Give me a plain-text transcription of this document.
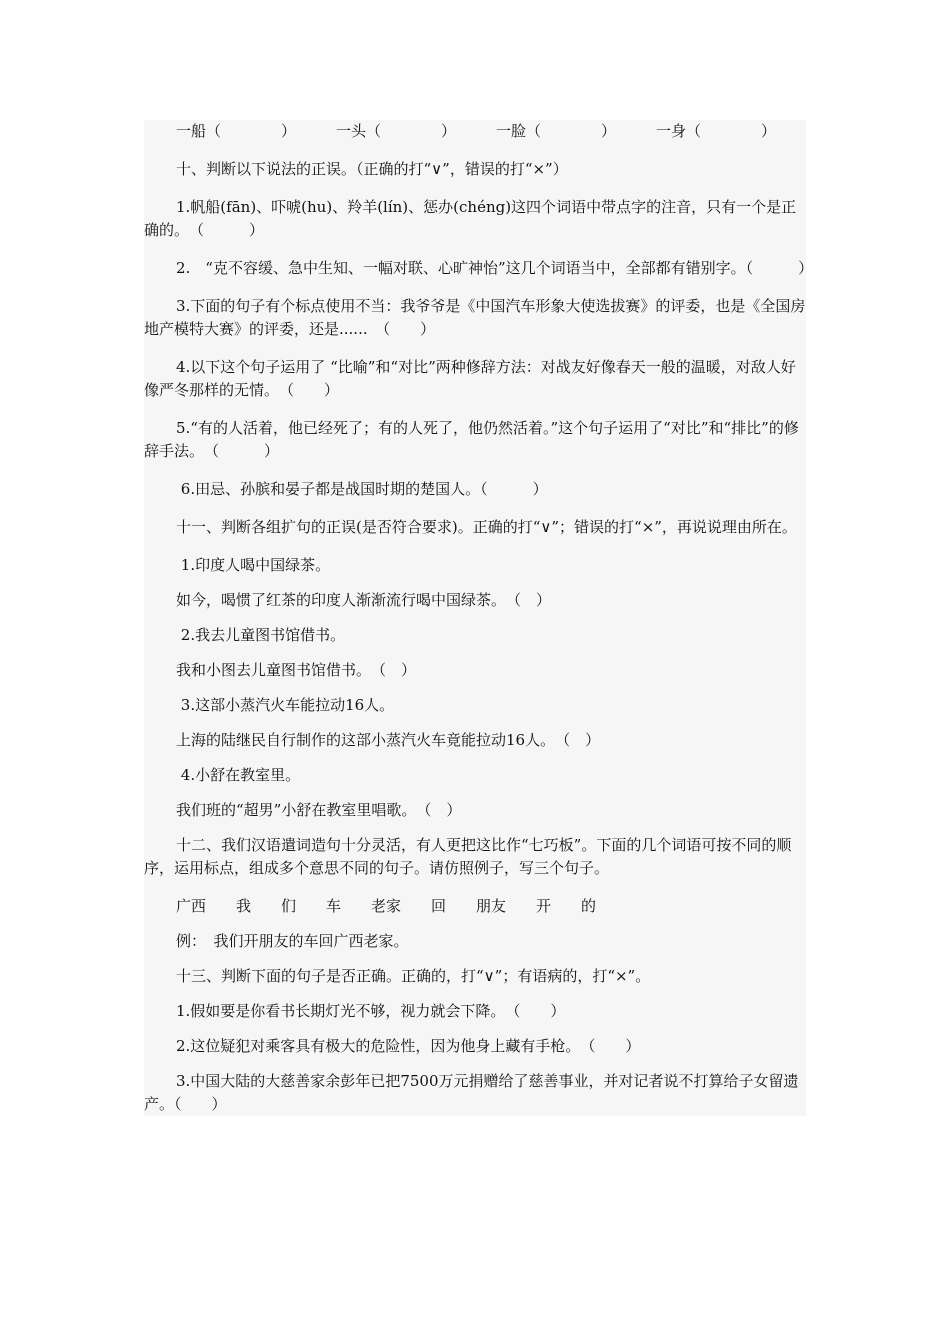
一船（　　　　）	一头（　　　　）	一脸（　　　　）	一身（　　　　）

十、判断以下说法的正误。（正确的打“∨”，错误的打“×”）

1.帆船(fān)、吓唬(hu)、羚羊(lín)、惩办(chéng)这四个词语中带点字的注音，只有一个是正确的。　（　　　）

2.　“克不容缓、急中生知、一幅对联、心旷神怡”这几个词语当中，全部都有错别字。（　　　）

3.下面的句子有个标点使用不当：我爷爷是《中国汽车形象大使选拔赛》的评委，也是《全国房地产模特大赛》的评委，还是......　（　　）

4.以下这个句子运用了 “比喻”和“对比”两种修辞方法：对战友好像春天一般的温暖，对敌人好像严冬那样的无情。　（　　）

5.“有的人活着，他已经死了；有的人死了，他仍然活着。”这个句子运用了“对比”和“排比”的修辞手法。　（　　　）

6.田忌、孙膑和晏子都是战国时期的楚国人。（　　　）

十一、判断各组扩句的正误(是否符合要求)。正确的打“∨”；错误的打“×”，再说说理由所在。

1.印度人喝中国绿茶。

如今，喝惯了红茶的印度人渐渐流行喝中国绿茶。　（　）

2.我去儿童图书馆借书。

我和小图去儿童图书馆借书。　（　）

3.这部小蒸汽火车能拉动16人。

上海的陆继民自行制作的这部小蒸汽火车竟能拉动16人。　（　）

4.小舒在教室里。

我们班的“超男”小舒在教室里唱歌。　（　）

十二、我们汉语遣词造句十分灵活，有人更把这比作“七巧板”。下面的几个词语可按不同的顺序，运用标点，组成多个意思不同的句子。请仿照例子，写三个句子。

广西　　我　　们　　车　　老家　　回　　朋友　　开　　的

例：　我们开朋友的车回广西老家。

十三、判断下面的句子是否正确。正确的，打“∨”；有语病的，打“×”。

1.假如要是你看书长期灯光不够，视力就会下降。　（　　）

2.这位疑犯对乘客具有极大的危险性，因为他身上藏有手枪。　（　　）

3.中国大陆的大慈善家余彭年已把7500万元捐赠给了慈善事业，并对记者说不打算给子女留遗产。（　　）
